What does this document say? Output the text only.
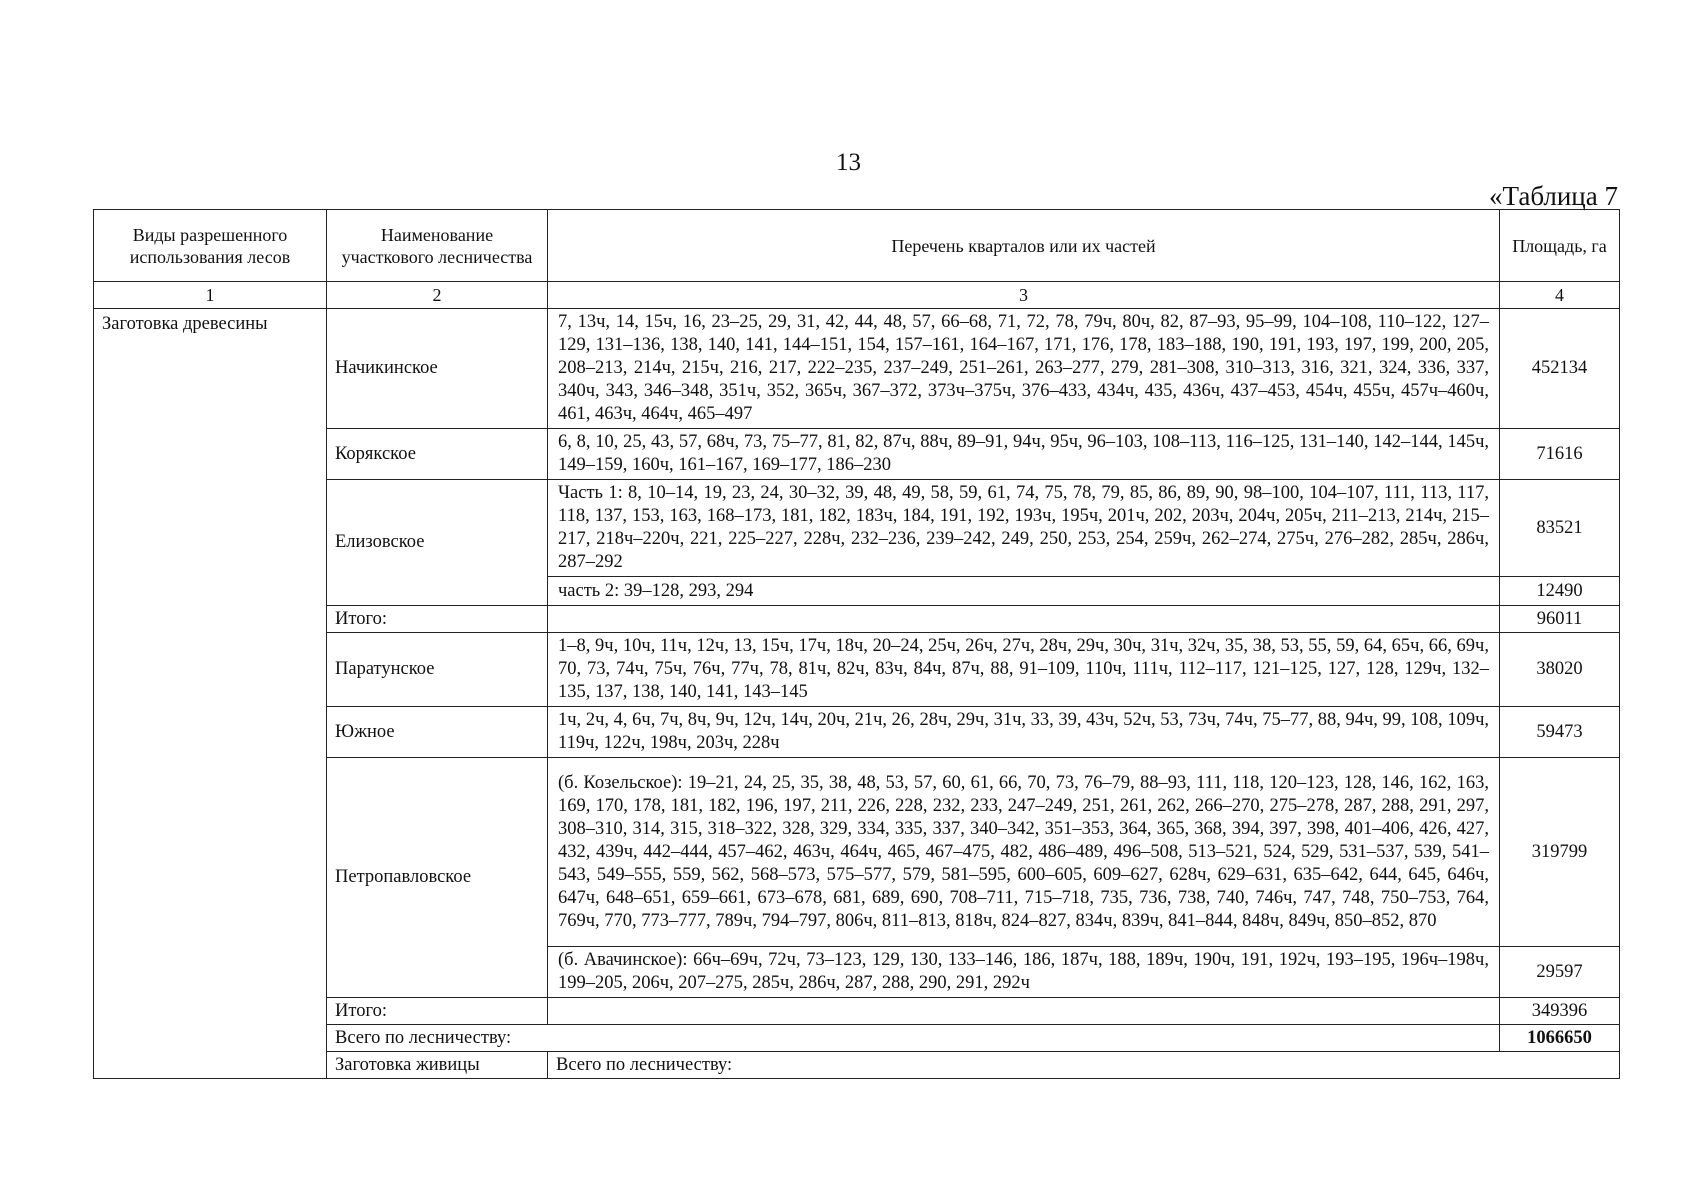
13
«Таблица 7
Виды разрешенного использования лесов	Наименование участкового лесничества	Перечень кварталов или их частей	Площадь, га	
1	2	3	4	
Заготовка древесины	Начикинское	7, 13ч, 14, 15ч, 16, 23–25, 29, 31, 42, 44, 48, 57, 66–68, 71, 72, 78, 79ч, 80ч, 82, 87–93, 95–99, 104–108, 110–122, 127–129, 131–136, 138, 140, 141, 144–151, 154, 157–161, 164–167, 171, 176, 178, 183–188, 190, 191, 193, 197, 199, 200, 205, 208–213, 214ч, 215ч, 216, 217, 222–235, 237–249, 251–261, 263–277, 279, 281–308, 310–313, 316, 321, 324, 336, 337, 340ч, 343, 346–348, 351ч, 352, 365ч, 367–372, 373ч–375ч, 376–433, 434ч, 435, 436ч, 437–453, 454ч, 455ч, 457ч–460ч, 461, 463ч, 464ч, 465–497	452134	
	Корякское	6, 8, 10, 25, 43, 57, 68ч, 73, 75–77, 81, 82, 87ч, 88ч, 89–91, 94ч, 95ч, 96–103, 108–113, 116–125, 131–140, 142–144, 145ч, 149–159, 160ч, 161–167, 169–177, 186–230	71616	
	Елизовское	Часть 1: 8, 10–14, 19, 23, 24, 30–32, 39, 48, 49, 58, 59, 61, 74, 75, 78, 79, 85, 86, 89, 90, 98–100, 104–107, 111, 113, 117, 118, 137, 153, 163, 168–173, 181, 182, 183ч, 184, 191, 192, 193ч, 195ч, 201ч, 202, 203ч, 204ч, 205ч, 211–213, 214ч, 215–217, 218ч–220ч, 221, 225–227, 228ч, 232–236, 239–242, 249, 250, 253, 254, 259ч, 262–274, 275ч, 276–282, 285ч, 286ч, 287–292	83521	
		часть 2: 39–128, 293, 294	12490	
	Итого:		96011	
	Паратунское	1–8, 9ч, 10ч, 11ч, 12ч, 13, 15ч, 17ч, 18ч, 20–24, 25ч, 26ч, 27ч, 28ч, 29ч, 30ч, 31ч, 32ч, 35, 38, 53, 55, 59, 64, 65ч, 66, 69ч, 70, 73, 74ч, 75ч, 76ч, 77ч, 78, 81ч, 82ч, 83ч, 84ч, 87ч, 88, 91–109, 110ч, 111ч, 112–117, 121–125, 127, 128, 129ч, 132–135, 137, 138, 140, 141, 143–145	38020	
	Южное	1ч, 2ч, 4, 6ч, 7ч, 8ч, 9ч, 12ч, 14ч, 20ч, 21ч, 26, 28ч, 29ч, 31ч, 33, 39, 43ч, 52ч, 53, 73ч, 74ч, 75–77, 88, 94ч, 99, 108, 109ч, 119ч, 122ч, 198ч, 203ч, 228ч	59473	
	Петропавловское	(б. Козельское): 19–21, 24, 25, 35, 38, 48, 53, 57, 60, 61, 66, 70, 73, 76–79, 88–93, 111, 118, 120–123, 128, 146, 162, 163, 169, 170, 178, 181, 182, 196, 197, 211, 226, 228, 232, 233, 247–249, 251, 261, 262, 266–270, 275–278, 287, 288, 291, 297, 308–310, 314, 315, 318–322, 328, 329, 334, 335, 337, 340–342, 351–353, 364, 365, 368, 394, 397, 398, 401–406, 426, 427, 432, 439ч, 442–444, 457–462, 463ч, 464ч, 465, 467–475, 482, 486–489, 496–508, 513–521, 524, 529, 531–537, 539, 541–543, 549–555, 559, 562, 568–573, 575–577, 579, 581–595, 600–605, 609–627, 628ч, 629–631, 635–642, 644, 645, 646ч, 647ч, 648–651, 659–661, 673–678, 681, 689, 690, 708–711, 715–718, 735, 736, 738, 740, 746ч, 747, 748, 750–753, 764, 769ч, 770, 773–777, 789ч, 794–797, 806ч, 811–813, 818ч, 824–827, 834ч, 839ч, 841–844, 848ч, 849ч, 850–852, 870	319799	
		(б. Авачинское): 66ч–69ч, 72ч, 73–123, 129, 130, 133–146, 186, 187ч, 188, 189ч, 190ч, 191, 192ч, 193–195, 196ч–198ч, 199–205, 206ч, 207–275, 285ч, 286ч, 287, 288, 290, 291, 292ч	29597	
	Итого:		349396	
	Всего по лесничеству:		1066650	
	Заготовка живицы	Всего по лесничеству:	
